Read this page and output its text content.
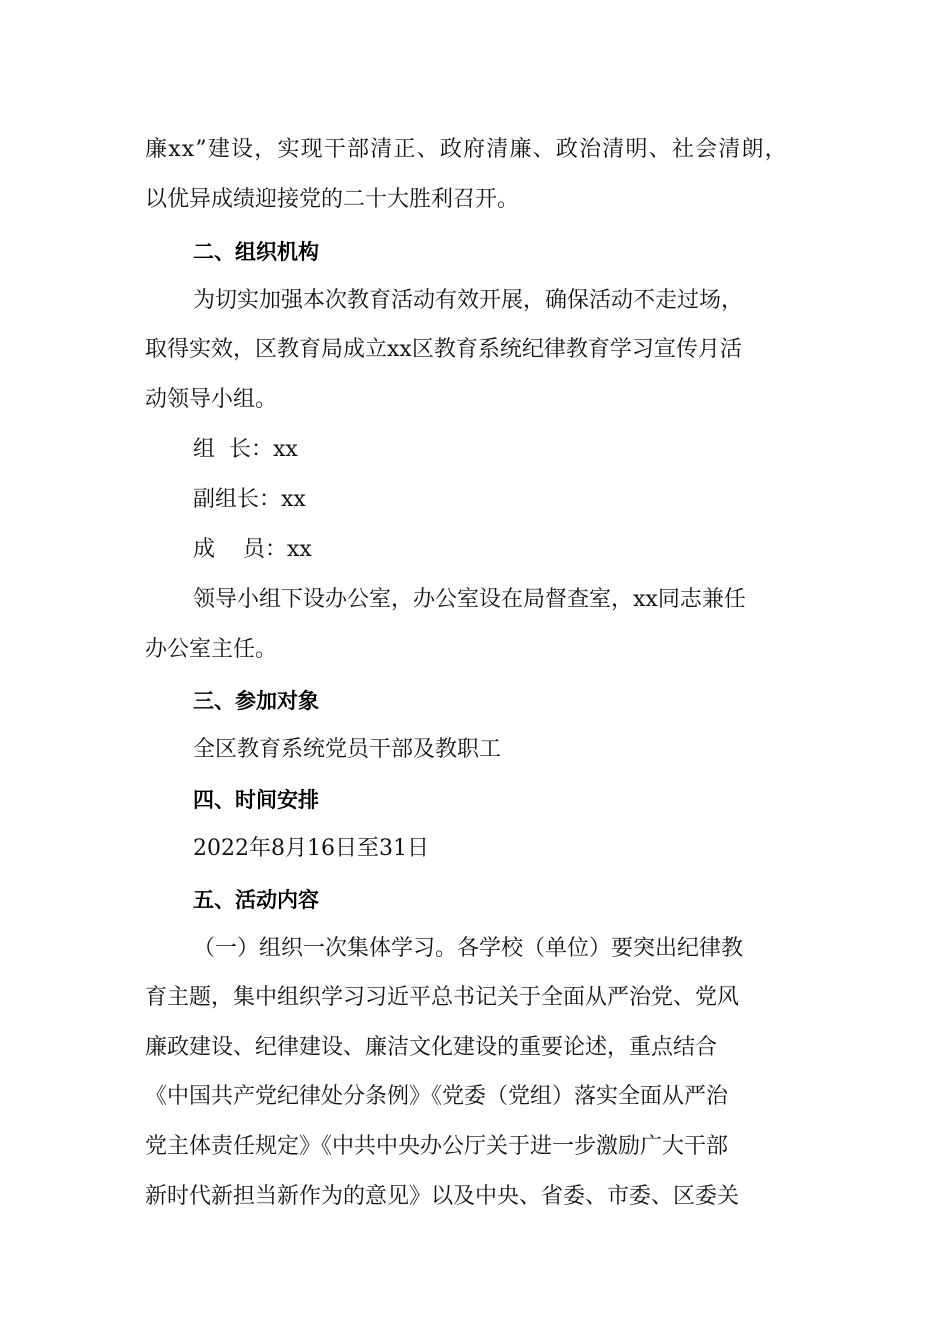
廉xx”建设，实现干部清正、政府清廉、政治清明、社会清朗，
以优异成绩迎接党的二十大胜利召开。
二、组织机构
为切实加强本次教育活动有效开展，确保活动不走过场，
取得实效，区教育局成立xx区教育系统纪律教育学习宣传月活
动领导小组。
组  长：xx
副组长：xx
成    员：xx
领导小组下设办公室，办公室设在局督查室，xx同志兼任
办公室主任。
三、参加对象
全区教育系统党员干部及教职工
四、时间安排
2022年8月16日至31日
五、活动内容
（一）组织一次集体学习。各学校（单位）要突出纪律教
育主题，集中组织学习习近平总书记关于全面从严治党、党风
廉政建设、纪律建设、廉洁文化建设的重要论述，重点结合
《中国共产党纪律处分条例》《党委（党组）落实全面从严治
党主体责任规定》《中共中央办公厅关于进一步激励广大干部
新时代新担当新作为的意见》以及中央、省委、市委、区委关
